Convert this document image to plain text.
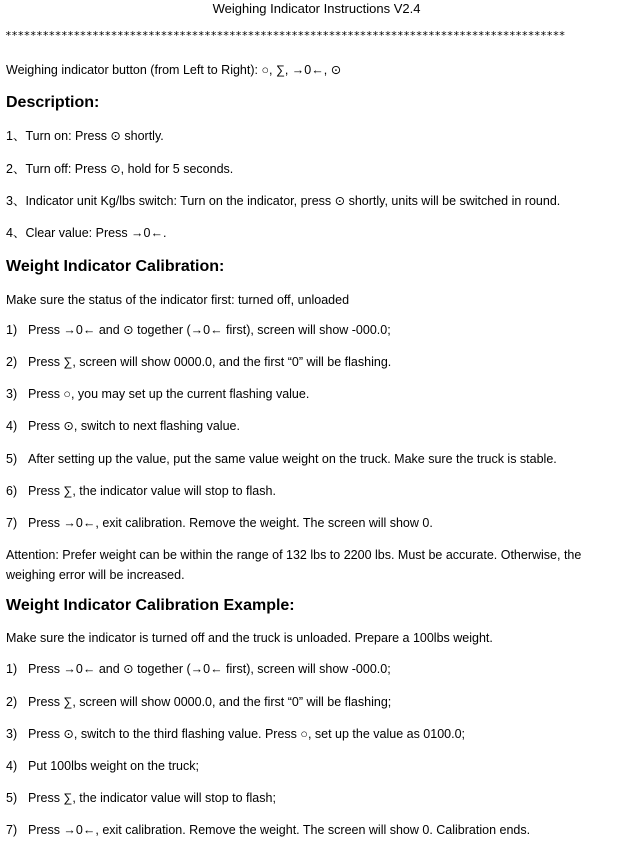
Weighing Indicator Instructions V2.4
******************************************************************************************
Weighing indicator button (from Left to Right): ○, ∑, →0←, ⊙
Description:
1、Turn on: Press ⊙ shortly.
2、Turn off: Press ⊙, hold for 5 seconds.
3、Indicator unit Kg/lbs switch: Turn on the indicator, press ⊙ shortly, units will be switched in round.
4、Clear value: Press →0←.
Weight Indicator Calibration:
Make sure the status of the indicator first: turned off, unloaded
1) Press →0← and ⊙ together (→0← first), screen will show -000.0;
2) Press ∑, screen will show 0000.0, and the first “0” will be flashing.
3) Press ○, you may set up the current flashing value.
4) Press ⊙, switch to next flashing value.
5) After setting up the value, put the same value weight on the truck. Make sure the truck is stable.
6) Press ∑, the indicator value will stop to flash.
7) Press →0←, exit calibration. Remove the weight. The screen will show 0.
Attention: Prefer weight can be within the range of 132 lbs to 2200 lbs. Must be accurate. Otherwise, the weighing error will be increased.
Weight Indicator Calibration Example:
Make sure the indicator is turned off and the truck is unloaded. Prepare a 100lbs weight.
1) Press →0← and ⊙ together (→0← first), screen will show -000.0;
2) Press ∑, screen will show 0000.0, and the first “0” will be flashing;
3) Press ⊙, switch to the third flashing value. Press ○, set up the value as 0100.0;
4) Put 100lbs weight on the truck;
5) Press ∑, the indicator value will stop to flash;
7) Press →0←, exit calibration. Remove the weight. The screen will show 0. Calibration ends.
